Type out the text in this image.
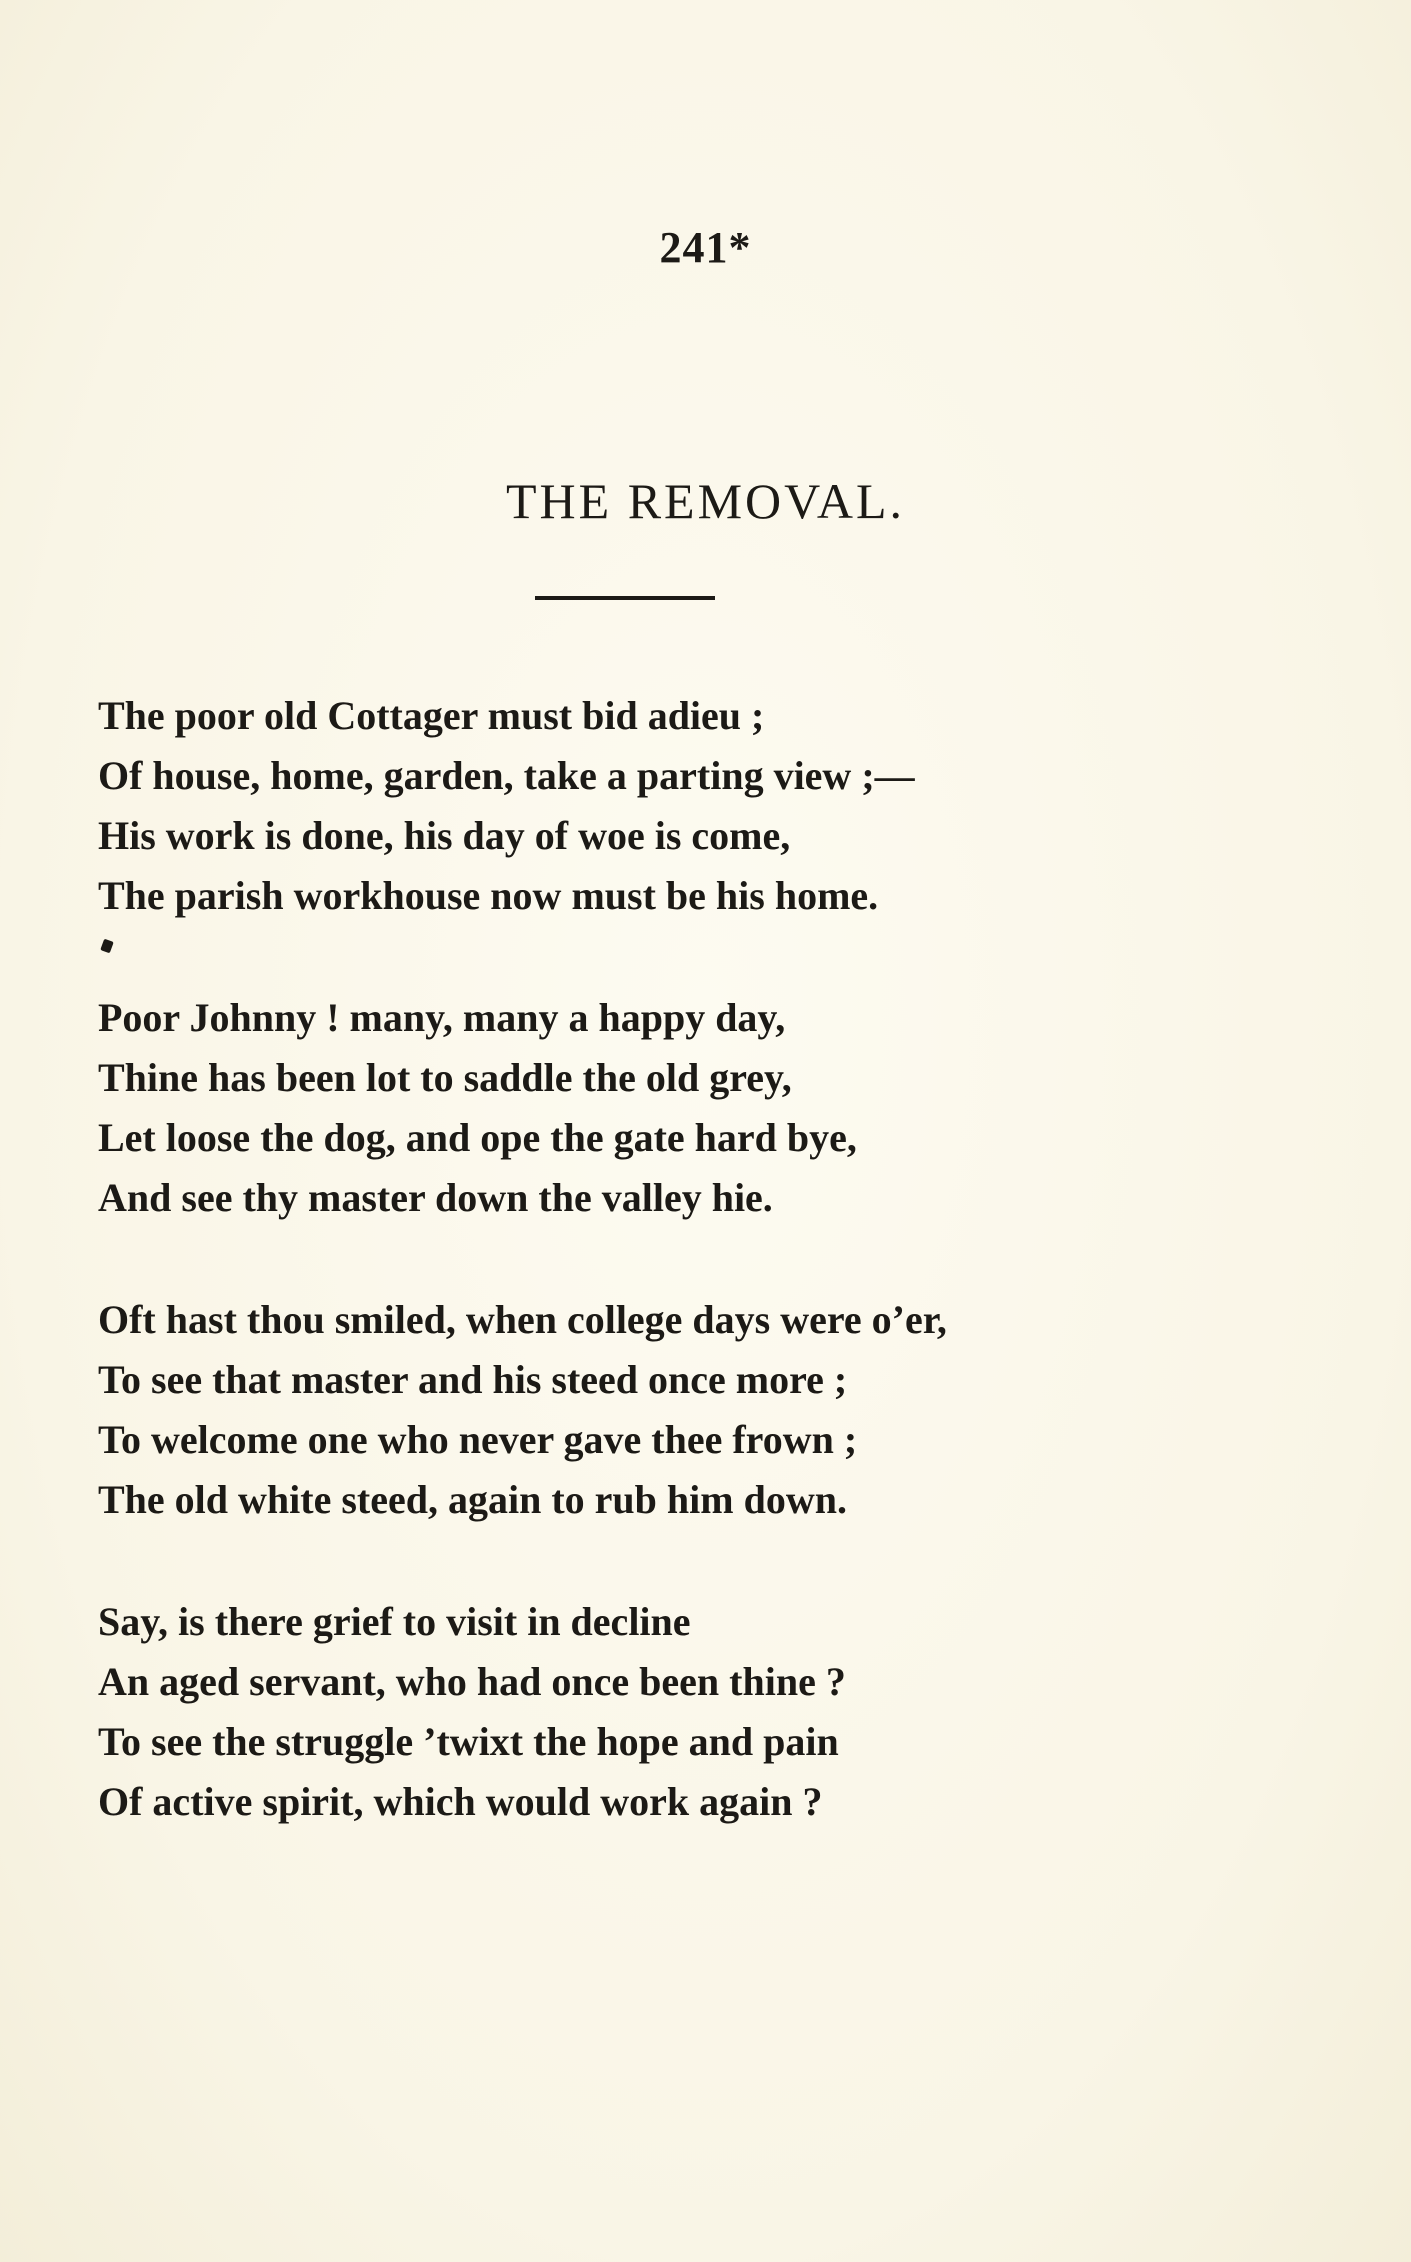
241*
THE REMOVAL.
The poor old Cottager must bid adieu ;
Of house, home, garden, take a parting view ;—
His work is done, his day of woe is come,
The parish workhouse now must be his home.
Poor Johnny ! many, many a happy day,
Thine has been lot to saddle the old grey,
Let loose the dog, and ope the gate hard bye,
And see thy master down the valley hie.
Oft hast thou smiled, when college days were o’er,
To see that master and his steed once more ;
To welcome one who never gave thee frown ;
The old white steed, again to rub him down.
Say, is there grief to visit in decline
An aged servant, who had once been thine ?
To see the struggle ’twixt the hope and pain
Of active spirit, which would work again ?
